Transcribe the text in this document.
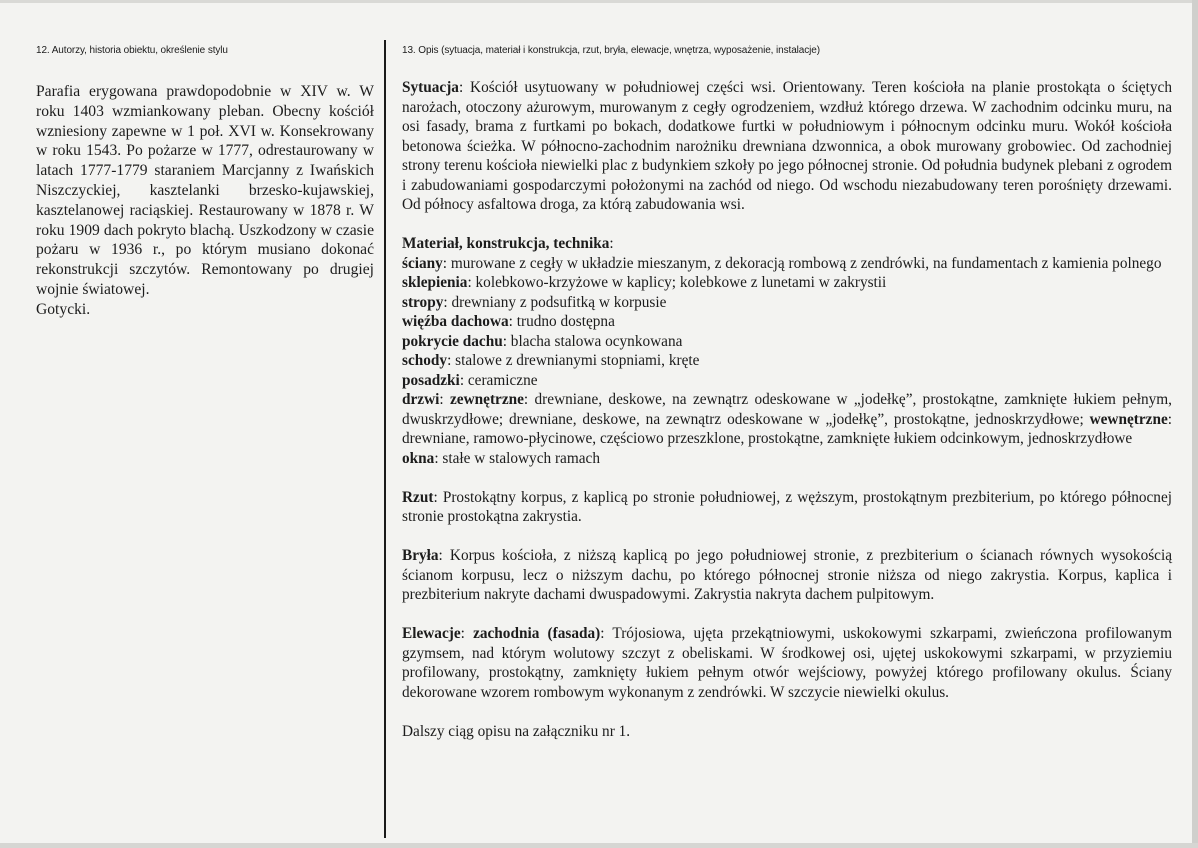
12. Autorzy, historia obiektu, określenie stylu

Parafia erygowana prawdopodobnie w XIV w. W roku 1403 wzmiankowany pleban. Obecny kościół wzniesiony zapewne w 1 poł. XVI w. Konsekrowany w roku 1543. Po pożarze w 1777, odrestaurowany w latach 1777-1779 staraniem Marcjanny z Iwańskich Niszczyckiej, kasztelanki brzesko-kujawskiej, kasztelanowej raciąskiej. Restaurowany w 1878 r. W roku 1909 dach pokryto blachą. Uszkodzony w czasie pożaru w 1936 r., po którym musiano dokonać rekonstrukcji szczytów. Remontowany po drugiej wojnie światowej.
Gotycki.

13. Opis (sytuacja, materiał i konstrukcja, rzut, bryła, elewacje, wnętrza, wyposażenie, instalacje)

Sytuacja: Kościół usytuowany w południowej części wsi. Orientowany. Teren kościoła na planie prostokąta o ściętych narożach, otoczony ażurowym, murowanym z cegły ogrodzeniem, wzdłuż którego drzewa. W zachodnim odcinku muru, na osi fasady, brama z furtkami po bokach, dodatkowe furtki w południowym i północnym odcinku muru. Wokół kościoła betonowa ścieżka. W północno-zachodnim narożniku drewniana dzwonnica, a obok murowany grobowiec. Od zachodniej strony terenu kościoła niewielki plac z budynkiem szkoły po jego północnej stronie. Od południa budynek plebani z ogrodem i zabudowaniami gospodarczymi położonymi na zachód od niego. Od wschodu niezabudowany teren porośnięty drzewami. Od północy asfaltowa droga, za którą zabudowania wsi.

Materiał, konstrukcja, technika:

ściany: murowane z cegły w układzie mieszanym, z dekoracją rombową z zendrówki, na fundamentach z kamienia polnego

sklepienia: kolebkowo-krzyżowe w kaplicy; kolebkowe z lunetami w zakrystii

stropy: drewniany z podsufitką w korpusie

więźba dachowa: trudno dostępna

pokrycie dachu: blacha stalowa ocynkowana

schody: stalowe z drewnianymi stopniami, kręte

posadzki: ceramiczne

drzwi: zewnętrzne: drewniane, deskowe, na zewnątrz odeskowane w „jodełkę”, prostokątne, zamknięte łukiem pełnym, dwuskrzydłowe; drewniane, deskowe, na zewnątrz odeskowane w „jodełkę”, prostokątne, jednoskrzydłowe; wewnętrzne: drewniane, ramowo-płycinowe, częściowo przeszklone, prostokątne, zamknięte łukiem odcinkowym, jednoskrzydłowe

okna: stałe w stalowych ramach

Rzut: Prostokątny korpus, z kaplicą po stronie południowej, z węższym, prostokątnym prezbiterium, po którego północnej stronie prostokątna zakrystia.

Bryła: Korpus kościoła, z niższą kaplicą po jego południowej stronie, z prezbiterium o ścianach równych wysokością ścianom korpusu, lecz o niższym dachu, po którego północnej stronie niższa od niego zakrystia. Korpus, kaplica i prezbiterium nakryte dachami dwuspadowymi. Zakrystia nakryta dachem pulpitowym.

Elewacje: zachodnia (fasada): Trójosiowa, ujęta przekątniowymi, uskokowymi szkarpami, zwieńczona profilowanym gzymsem, nad którym wolutowy szczyt z obeliskami. W środkowej osi, ujętej uskokowymi szkarpami, w przyziemiu profilowany, prostokątny, zamknięty łukiem pełnym otwór wejściowy, powyżej którego profilowany okulus. Ściany dekorowane wzorem rombowym wykonanym z zendrówki. W szczycie niewielki okulus.

Dalszy ciąg opisu na załączniku nr 1.
